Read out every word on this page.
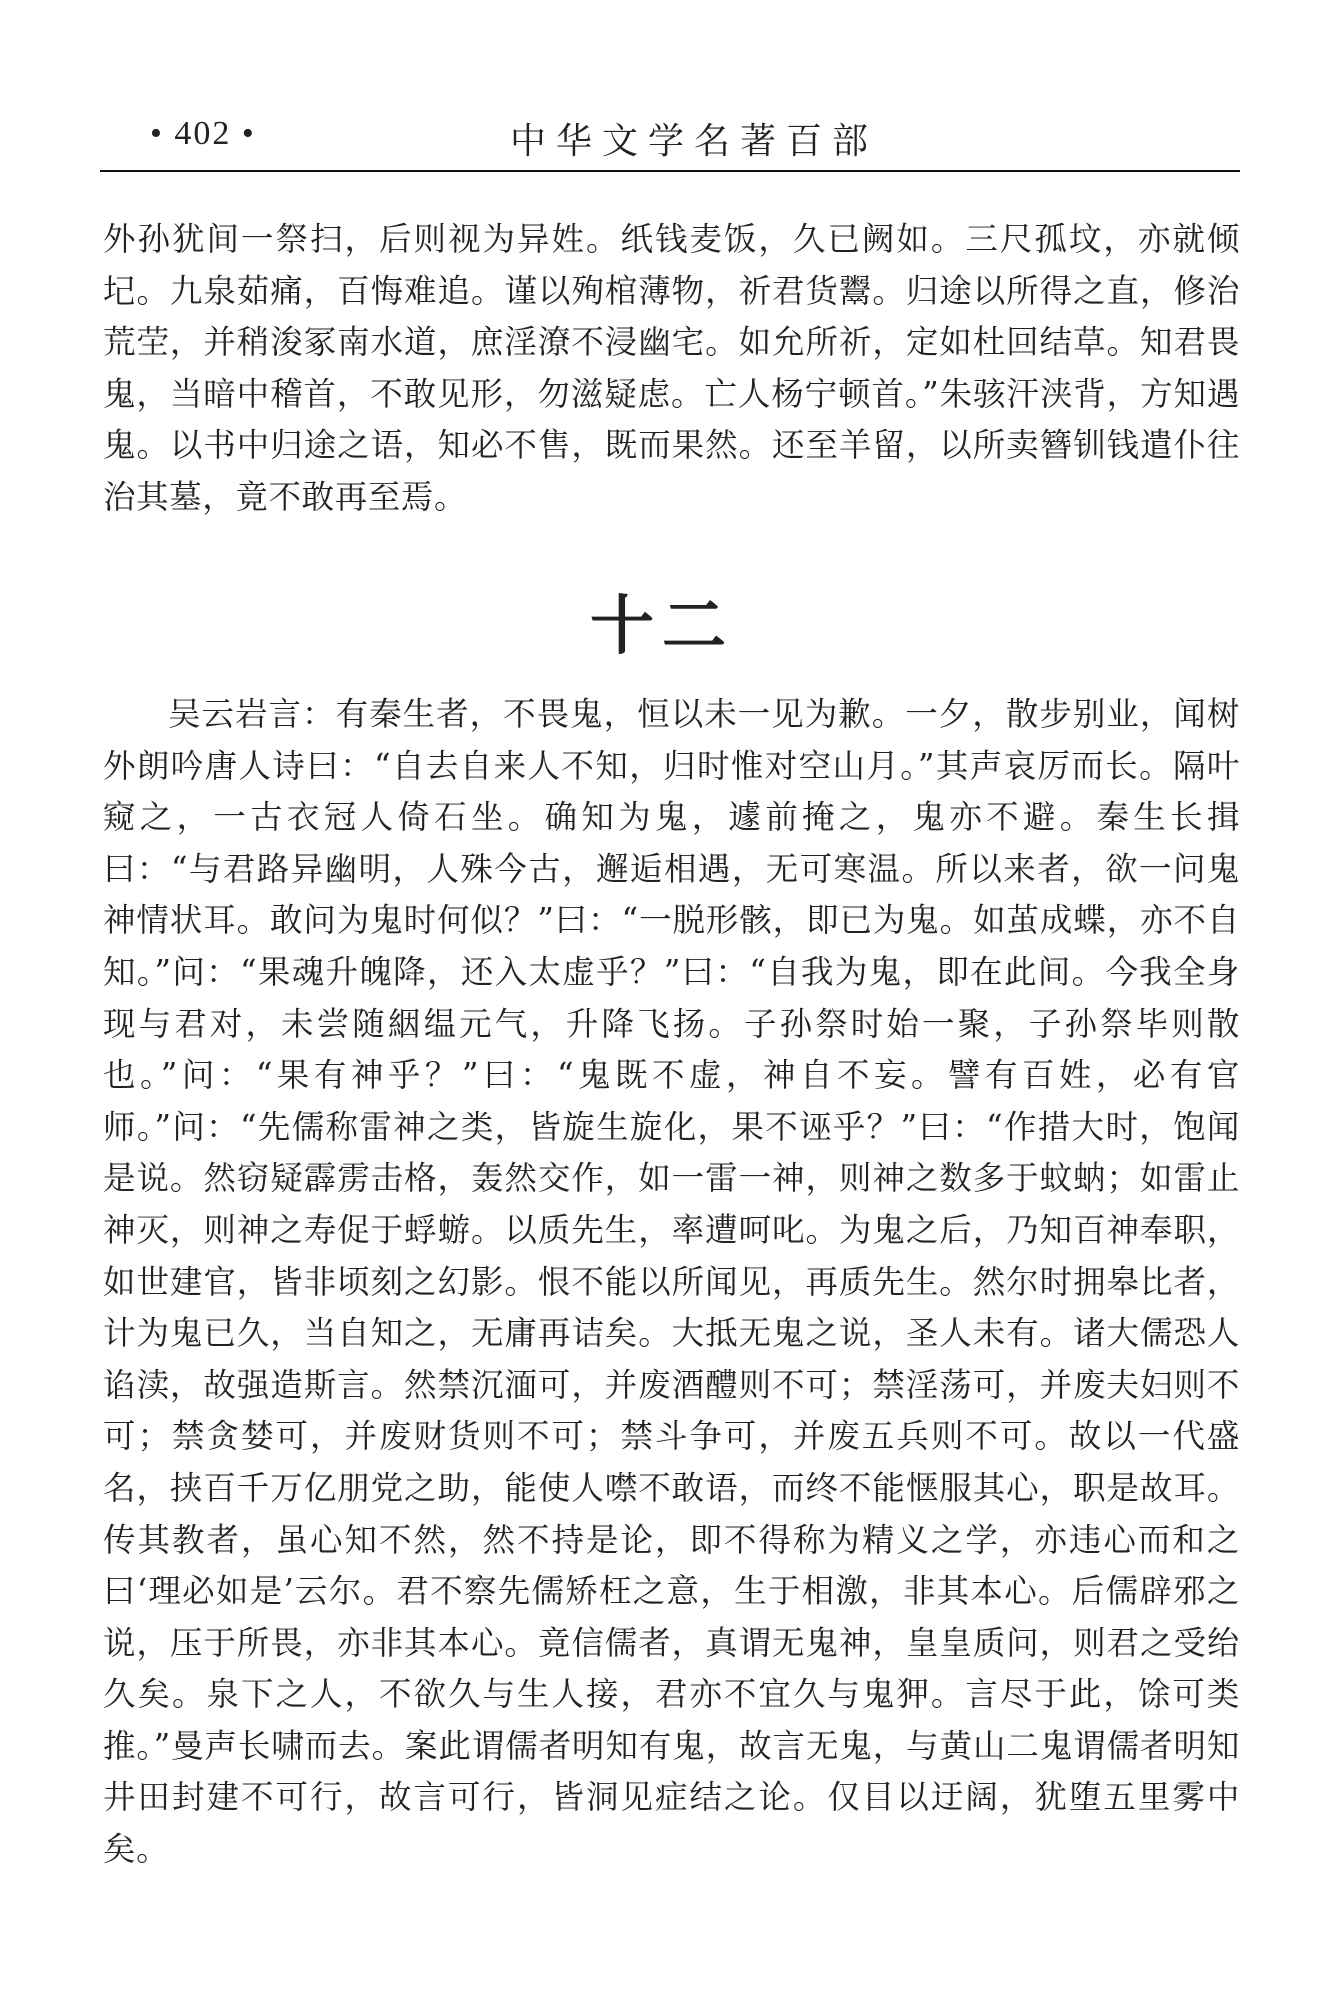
• 402 •	中华文学名著百部

外孙犹间一祭扫，后则视为异姓。纸钱麦饭，久已阙如。三尺孤坟，亦就倾圮。九泉茹痛，百悔难追。谨以殉棺薄物，祈君货鬻。归途以所得之直，修治荒茔，并稍浚冢南水道，庶淫潦不浸幽宅。如允所祈，定如杜回结草。知君畏鬼，当暗中稽首，不敢见形，勿滋疑虑。亡人杨宁顿首。”朱骇汗浃背，方知遇鬼。以书中归途之语，知必不售，既而果然。还至羊留，以所卖簪钏钱遣仆往治其墓，竟不敢再至焉。

十二

吴云岩言：有秦生者，不畏鬼，恒以未一见为歉。一夕，散步别业，闻树外朗吟唐人诗曰：“自去自来人不知，归时惟对空山月。”其声哀厉而长。隔叶窥之，一古衣冠人倚石坐。确知为鬼，遽前掩之，鬼亦不避。秦生长揖曰：“与君路异幽明，人殊今古，邂逅相遇，无可寒温。所以来者，欲一问鬼神情状耳。敢问为鬼时何似？”曰：“一脱形骸，即已为鬼。如茧成蝶，亦不自知。”问：“果魂升魄降，还入太虚乎？”曰：“自我为鬼，即在此间。今我全身现与君对，未尝随絪缊元气，升降飞扬。子孙祭时始一聚，子孙祭毕则散也。”问：“果有神乎？”曰：“鬼既不虚，神自不妄。譬有百姓，必有官师。”问：“先儒称雷神之类，皆旋生旋化，果不诬乎？”曰：“作措大时，饱闻是说。然窃疑霹雳击格，轰然交作，如一雷一神，则神之数多于蚊蚋；如雷止神灭，则神之寿促于蜉蝣。以质先生，率遭呵叱。为鬼之后，乃知百神奉职，如世建官，皆非顷刻之幻影。恨不能以所闻见，再质先生。然尔时拥皋比者，计为鬼已久，当自知之，无庸再诘矣。大抵无鬼之说，圣人未有。诸大儒恐人谄渎，故强造斯言。然禁沉湎可，并废酒醴则不可；禁淫荡可，并废夫妇则不可；禁贪婪可，并废财货则不可；禁斗争可，并废五兵则不可。故以一代盛名，挟百千万亿朋党之助，能使人噤不敢语，而终不能惬服其心，职是故耳。传其教者，虽心知不然，然不持是论，即不得称为精义之学，亦违心而和之曰‘理必如是’云尔。君不察先儒矫枉之意，生于相激，非其本心。后儒辟邪之说，压于所畏，亦非其本心。竟信儒者，真谓无鬼神，皇皇质问，则君之受绐久矣。泉下之人，不欲久与生人接，君亦不宜久与鬼狎。言尽于此，馀可类推。”曼声长啸而去。案此谓儒者明知有鬼，故言无鬼，与黄山二鬼谓儒者明知井田封建不可行，故言可行，皆洞见症结之论。仅目以迂阔，犹堕五里雾中矣。
